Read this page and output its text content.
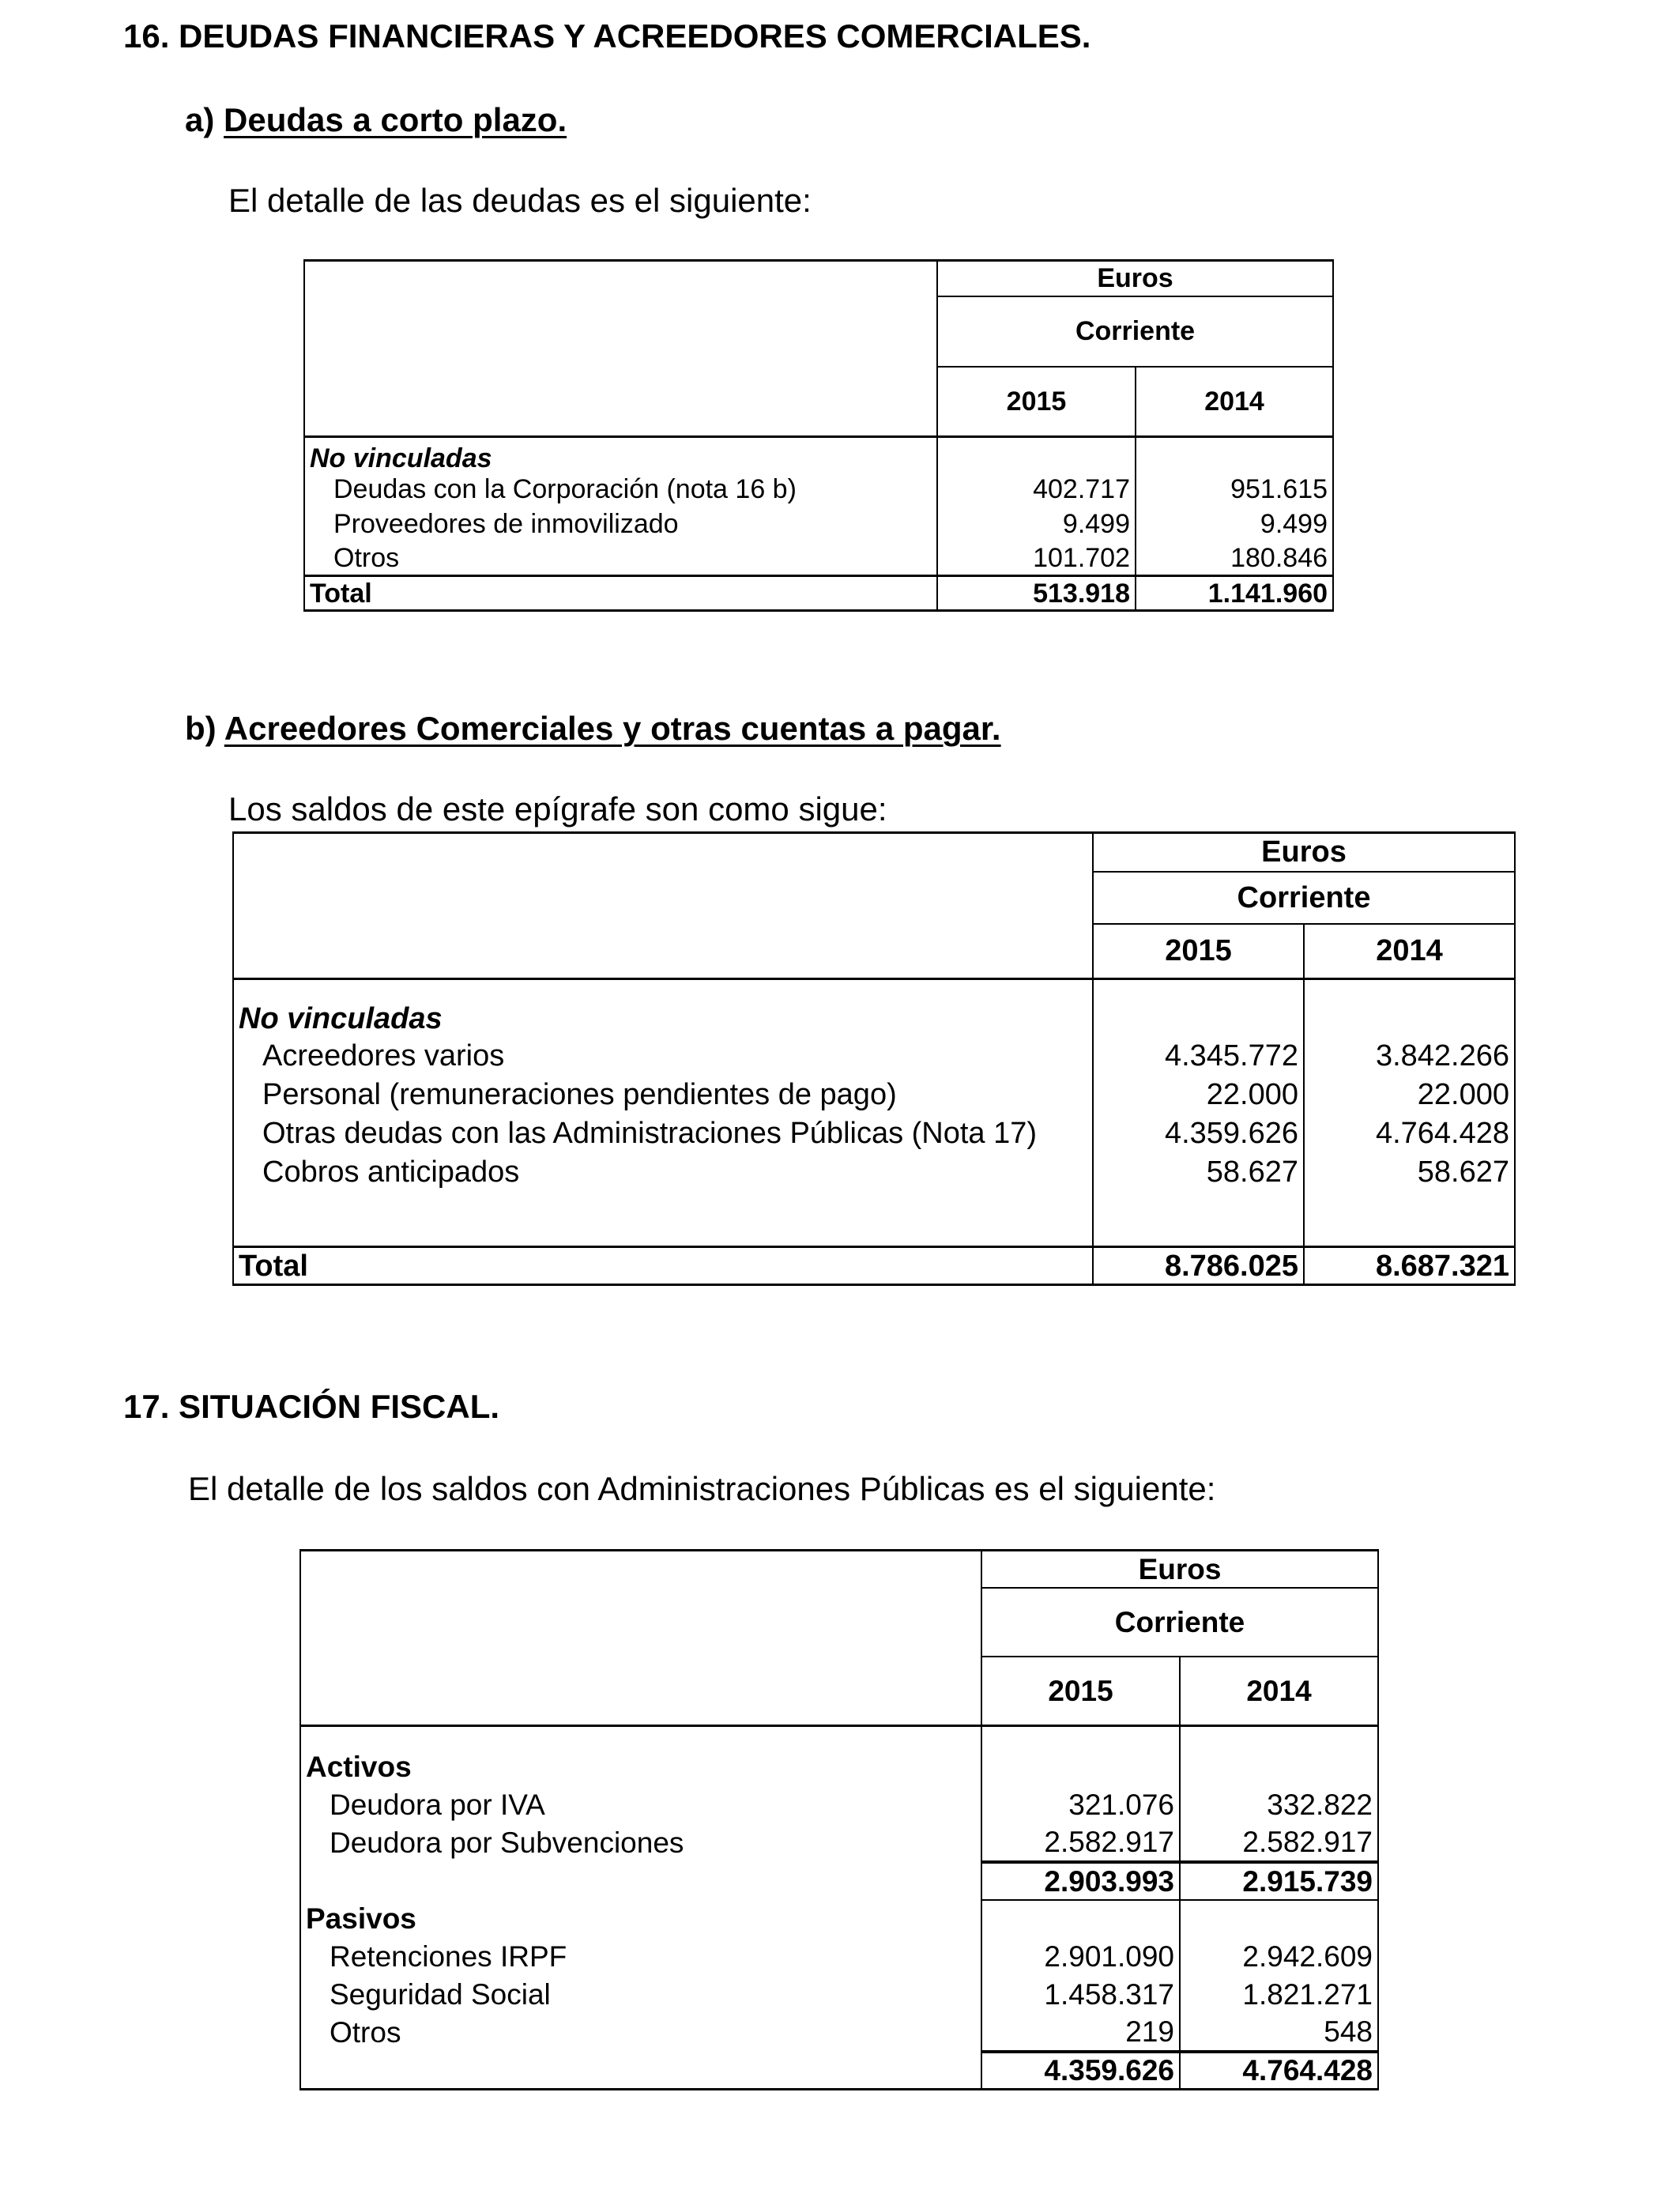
16. DEUDAS FINANCIERAS Y ACREEDORES COMERCIALES.
a) Deudas a corto plazo.
El detalle de las deudas es el siguiente:
	Euros	
	Corriente	
	2015	2014
No vinculadas		
Deudas con la Corporación (nota 16 b)	402.717	951.615
Proveedores de inmovilizado	9.499	9.499
Otros	101.702	180.846
Total	513.918	1.141.960
b) Acreedores Comerciales y otras cuentas a pagar.
Los saldos de este epígrafe son como sigue:
	Euros	
	Corriente	
	2015	2014
No vinculadas		
Acreedores varios	4.345.772	3.842.266
Personal (remuneraciones pendientes de pago)	22.000	22.000
Otras deudas con las Administraciones Públicas (Nota 17)	4.359.626	4.764.428
Cobros anticipados	58.627	58.627

Total	8.786.025	8.687.321
17. SITUACIÓN FISCAL.
El detalle de los saldos con Administraciones Públicas es el siguiente:
	Euros	
	Corriente	
	2015	2014
Activos		
Deudora por IVA	321.076	332.822
Deudora por Subvenciones	2.582.917	2.582.917
	2.903.993	2.915.739
Pasivos		
Retenciones IRPF	2.901.090	2.942.609
Seguridad Social	1.458.317	1.821.271
Otros	219	548
	4.359.626	4.764.428
